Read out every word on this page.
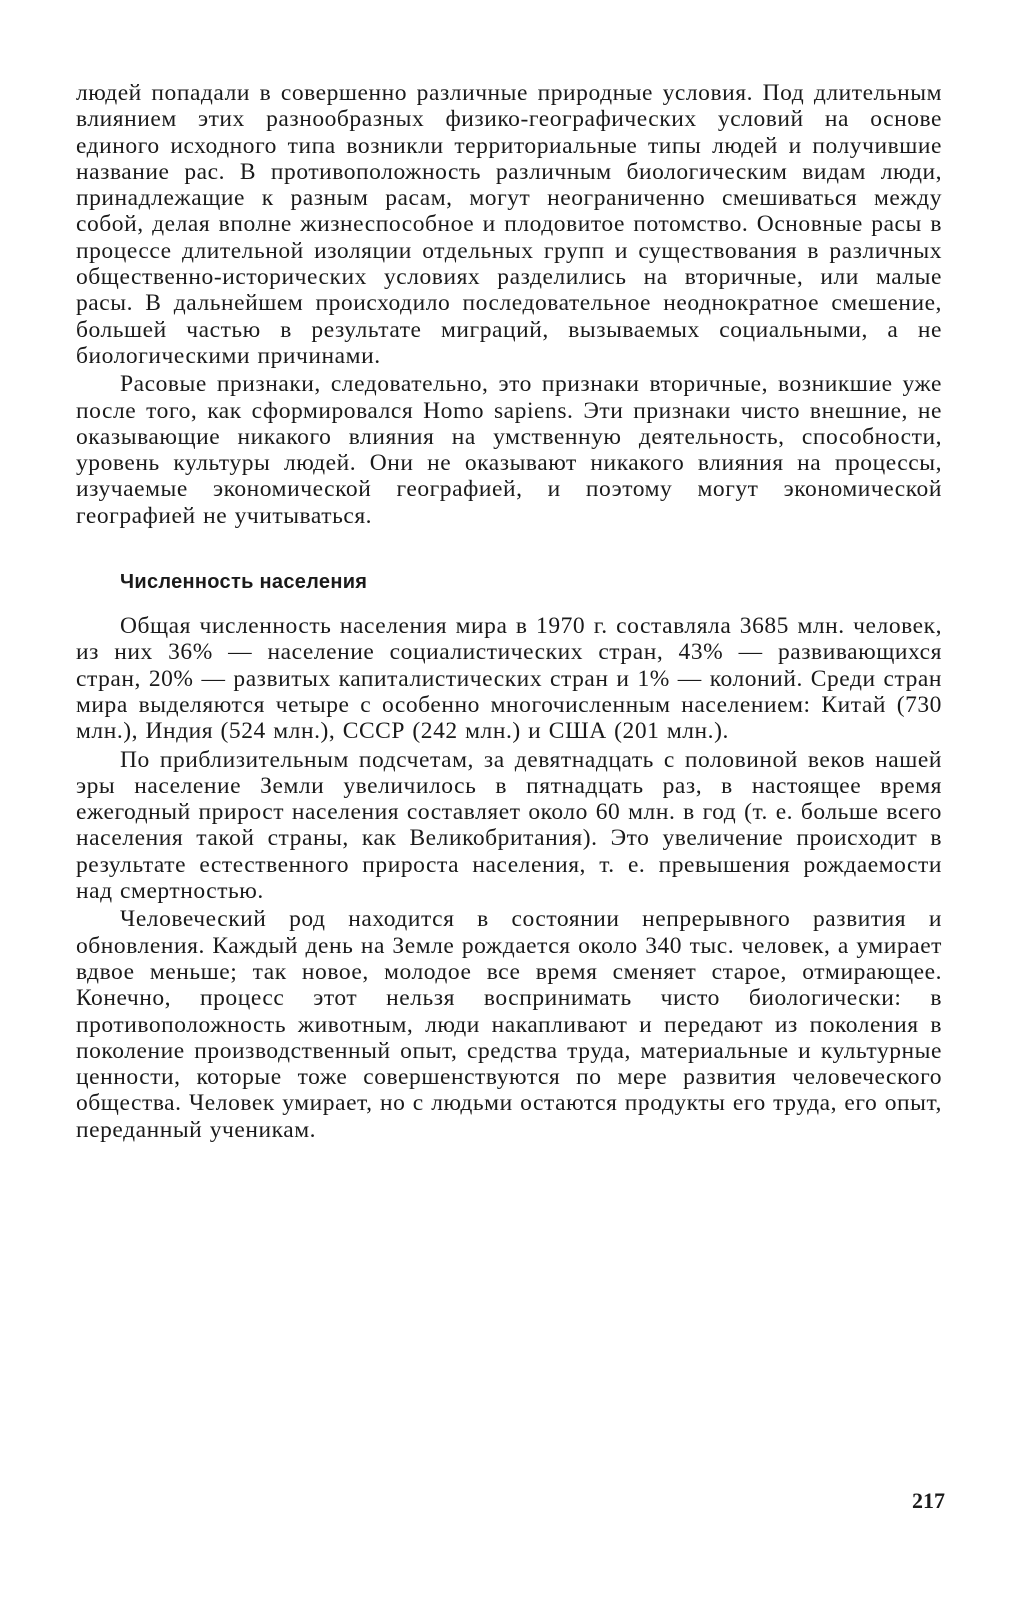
людей попадали в совершенно различные природные условия. Под длительным влиянием этих разнообразных физико-географических условий на основе единого исходного типа возникли территориальные типы людей и получившие название рас. В противоположность различным биологическим видам люди, принадлежащие к разным расам, могут неограниченно смешиваться между собой, делая вполне жизнеспособное и плодовитое потомство. Основные расы в процессе длительной изоляции отдельных групп и существования в различных общественно-исторических условиях разделились на вторичные, или малые расы. В дальнейшем происходило последовательное неоднократное смешение, большей частью в результате миграций, вызываемых социальными, а не биологическими причинами.

Расовые признаки, следовательно, это признаки вторичные, возникшие уже после того, как сформировался Homo sapiens. Эти признаки чисто внешние, не оказывающие никакого влияния на умственную деятельность, способности, уровень культуры людей. Они не оказывают никакого влияния на процессы, изучаемые экономической географией, и поэтому могут экономической географией не учитываться.

Численность населения

Общая численность населения мира в 1970 г. составляла 3685 млн. человек, из них 36% — население социалистических стран, 43% — развивающихся стран, 20% — развитых капиталистических стран и 1% — колоний. Среди стран мира выделяются четыре с особенно многочисленным населением: Китай (730 млн.), Индия (524 млн.), СССР (242 млн.) и США (201 млн.).

По приблизительным подсчетам, за девятнадцать с половиной веков нашей эры население Земли увеличилось в пятнадцать раз, в настоящее время ежегодный прирост населения составляет около 60 млн. в год (т. е. больше всего населения такой страны, как Великобритания). Это увеличение происходит в результате естественного прироста населения, т. е. превышения рождаемости над смертностью.

Человеческий род находится в состоянии непрерывного развития и обновления. Каждый день на Земле рождается около 340 тыс. человек, а умирает вдвое меньше; так новое, молодое все время сменяет старое, отмирающее. Конечно, процесс этот нельзя воспринимать чисто биологически: в противоположность животным, люди накапливают и передают из поколения в поколение производственный опыт, средства труда, материальные и культурные ценности, которые тоже совершенствуются по мере развития человеческого общества. Человек умирает, но с людьми остаются продукты его труда, его опыт, переданный ученикам.

217
